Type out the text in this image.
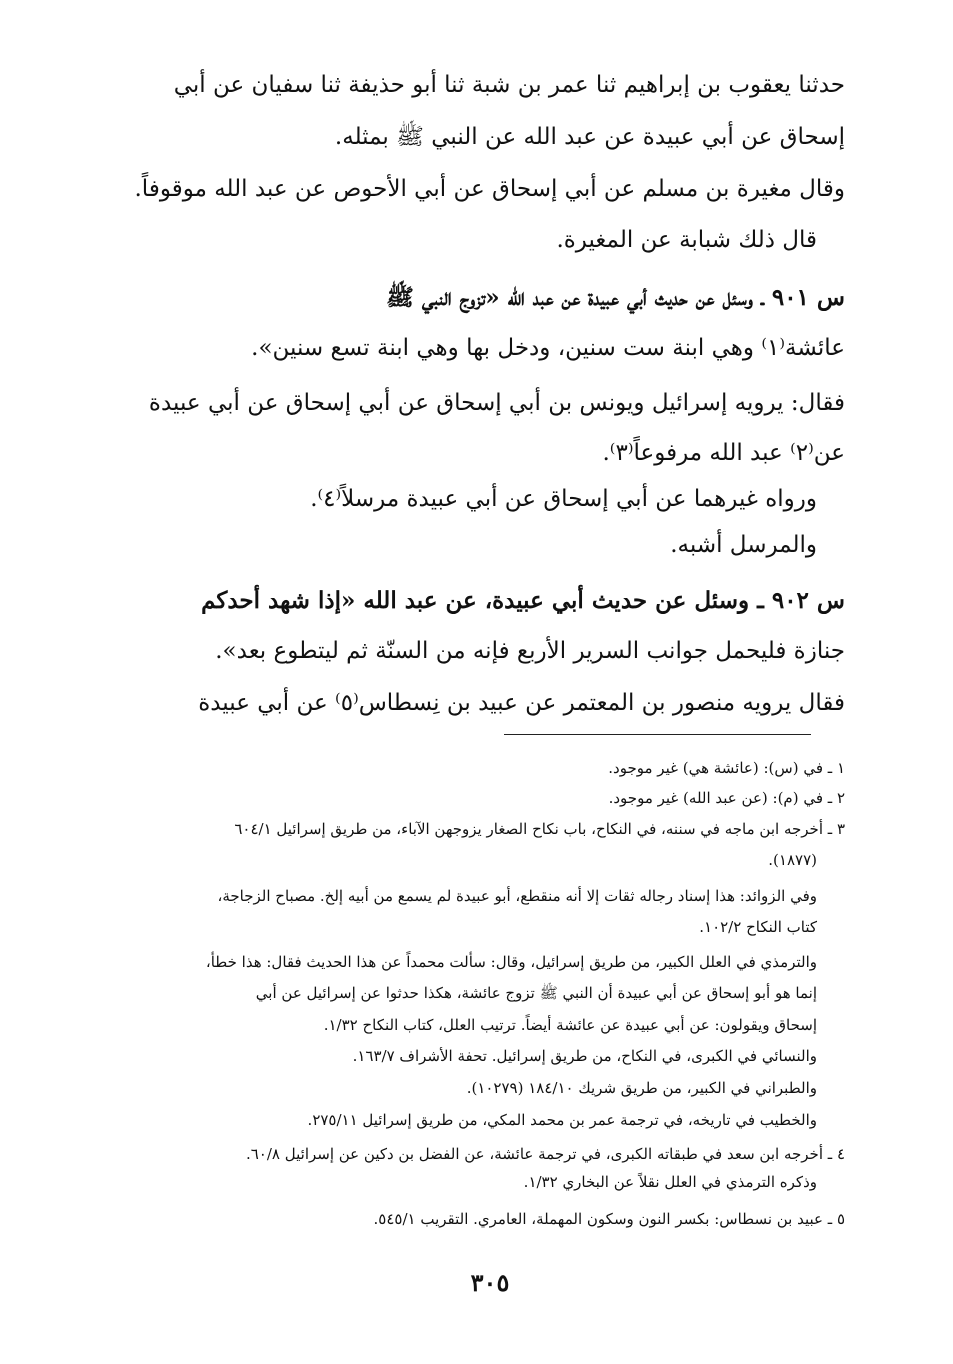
حدثنا يعقوب بن إبراهيم ثنا عمر بن شبة ثنا أبو حذيفة ثنا سفيان عن أبي
إسحاق عن أبي عبيدة عن عبد الله عن النبي ﷺ بمثله.
وقال مغيرة بن مسلم عن أبي إسحاق عن أبي الأحوص عن عبد الله موقوفاً.
قال ذلك شبابة عن المغيرة.
س ٩٠١ ـ وسئل عن حديث أبي عبيدة عن عبد الله «تزوج النبي ﷺ
عائشة⁽١⁾ وهي ابنة ست سنين، ودخل بها وهي ابنة تسع سنين».
فقال: يرويه إسرائيل ويونس بن أبي إسحاق عن أبي إسحاق عن أبي عبيدة
عن⁽٢⁾ عبد الله مرفوعاً⁽٣⁾.
ورواه غيرهما عن أبي إسحاق عن أبي عبيدة مرسلاً⁽٤⁾.
والمرسل أشبه.
س ٩٠٢ ـ وسئل عن حديث أبي عبيدة، عن عبد الله «إذا شهد أحدكم
جنازة فليحمل جوانب السرير الأربع فإنه من السنّة ثم ليتطوع بعد».
فقال يرويه منصور بن المعتمر عن عبيد بن نِسطاس⁽٥⁾ عن أبي عبيدة
١ ـ في (س): (عائشة هي) غير موجود.
٢ ـ في (م): (عن عبد الله) غير موجود.
٣ ـ أخرجه ابن ماجه في سننه، في النكاح، باب نكاح الصغار يزوجهن الآباء، من طريق إسرائيل ٦٠٤/١
(١٨٧٧).
وفي الزوائد: هذا إسناد رجاله ثقات إلا أنه منقطع، أبو عبيدة لم يسمع من أبيه إلخ. مصباح الزجاجة،
كتاب النكاح ١٠٢/٢.
والترمذي في العلل الكبير، من طريق إسرائيل، وقال: سألت محمداً عن هذا الحديث فقال: هذا خطأ،
إنما هو أبو إسحاق عن أبي عبيدة أن النبي ﷺ تزوج عائشة، هكذا حدثوا عن إسرائيل عن أبي
إسحاق ويقولون: عن أبي عبيدة عن عائشة أيضاً. ترتيب العلل، كتاب النكاح ١/٣٢.
والنسائي في الكبرى، في النكاح، من طريق إسرائيل. تحفة الأشراف ١٦٣/٧.
والطبراني في الكبير، من طريق شريك ١٨٤/١٠ (١٠٢٧٩).
والخطيب في تاريخه، في ترجمة عمر بن محمد المكي، من طريق إسرائيل ٢٧٥/١١.
٤ ـ أخرجه ابن سعد في طبقاته الكبرى، في ترجمة عائشة، عن الفضل بن دكين عن إسرائيل ٦٠/٨.
وذكره الترمذي في العلل نقلاً عن البخاري ١/٣٢.
٥ ـ عبيد بن نسطاس: بكسر النون وسكون المهملة، العامري. التقريب ٥٤٥/١.
٣٠٥
